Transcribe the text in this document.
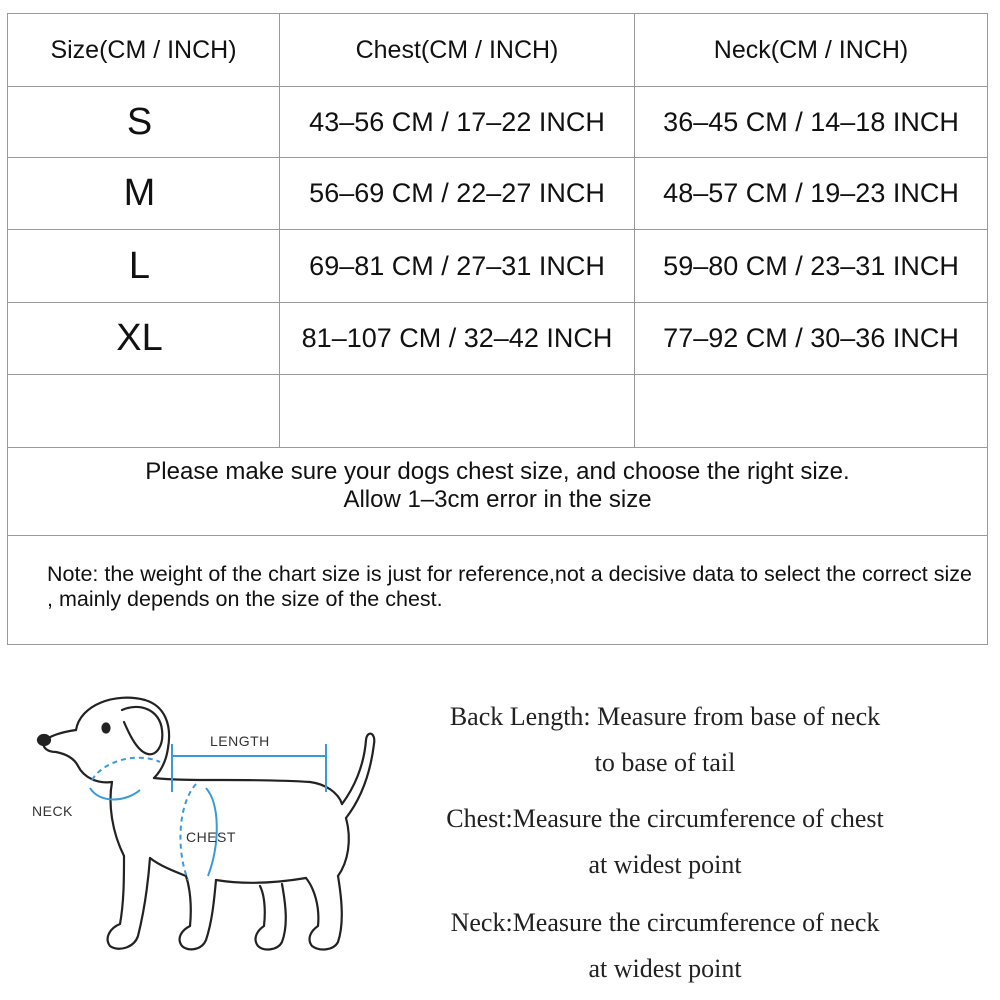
Size(CM / INCH)	Chest(CM / INCH)	Neck(CM / INCH)
S	43–56 CM / 17–22 INCH	36–45 CM / 14–18 INCH
M	56–69 CM / 22–27 INCH	48–57 CM / 19–23 INCH
L	69–81 CM / 27–31 INCH	59–80 CM / 23–31 INCH
XL	81–107 CM / 32–42 INCH	77–92 CM / 30–36 INCH
Please make sure your dogs chest size, and choose the right size.
Allow 1–3cm error in the size
Note: the weight of the chart size is just for reference,not a decisive data to select the correct size , mainly depends on the size of the chest.
LENGTH
NECK
CHEST
Back Length: Measure from base of neck
to base of tail
Chest:Measure the circumference of chest
at widest point
Neck:Measure the circumference of neck
at widest point
